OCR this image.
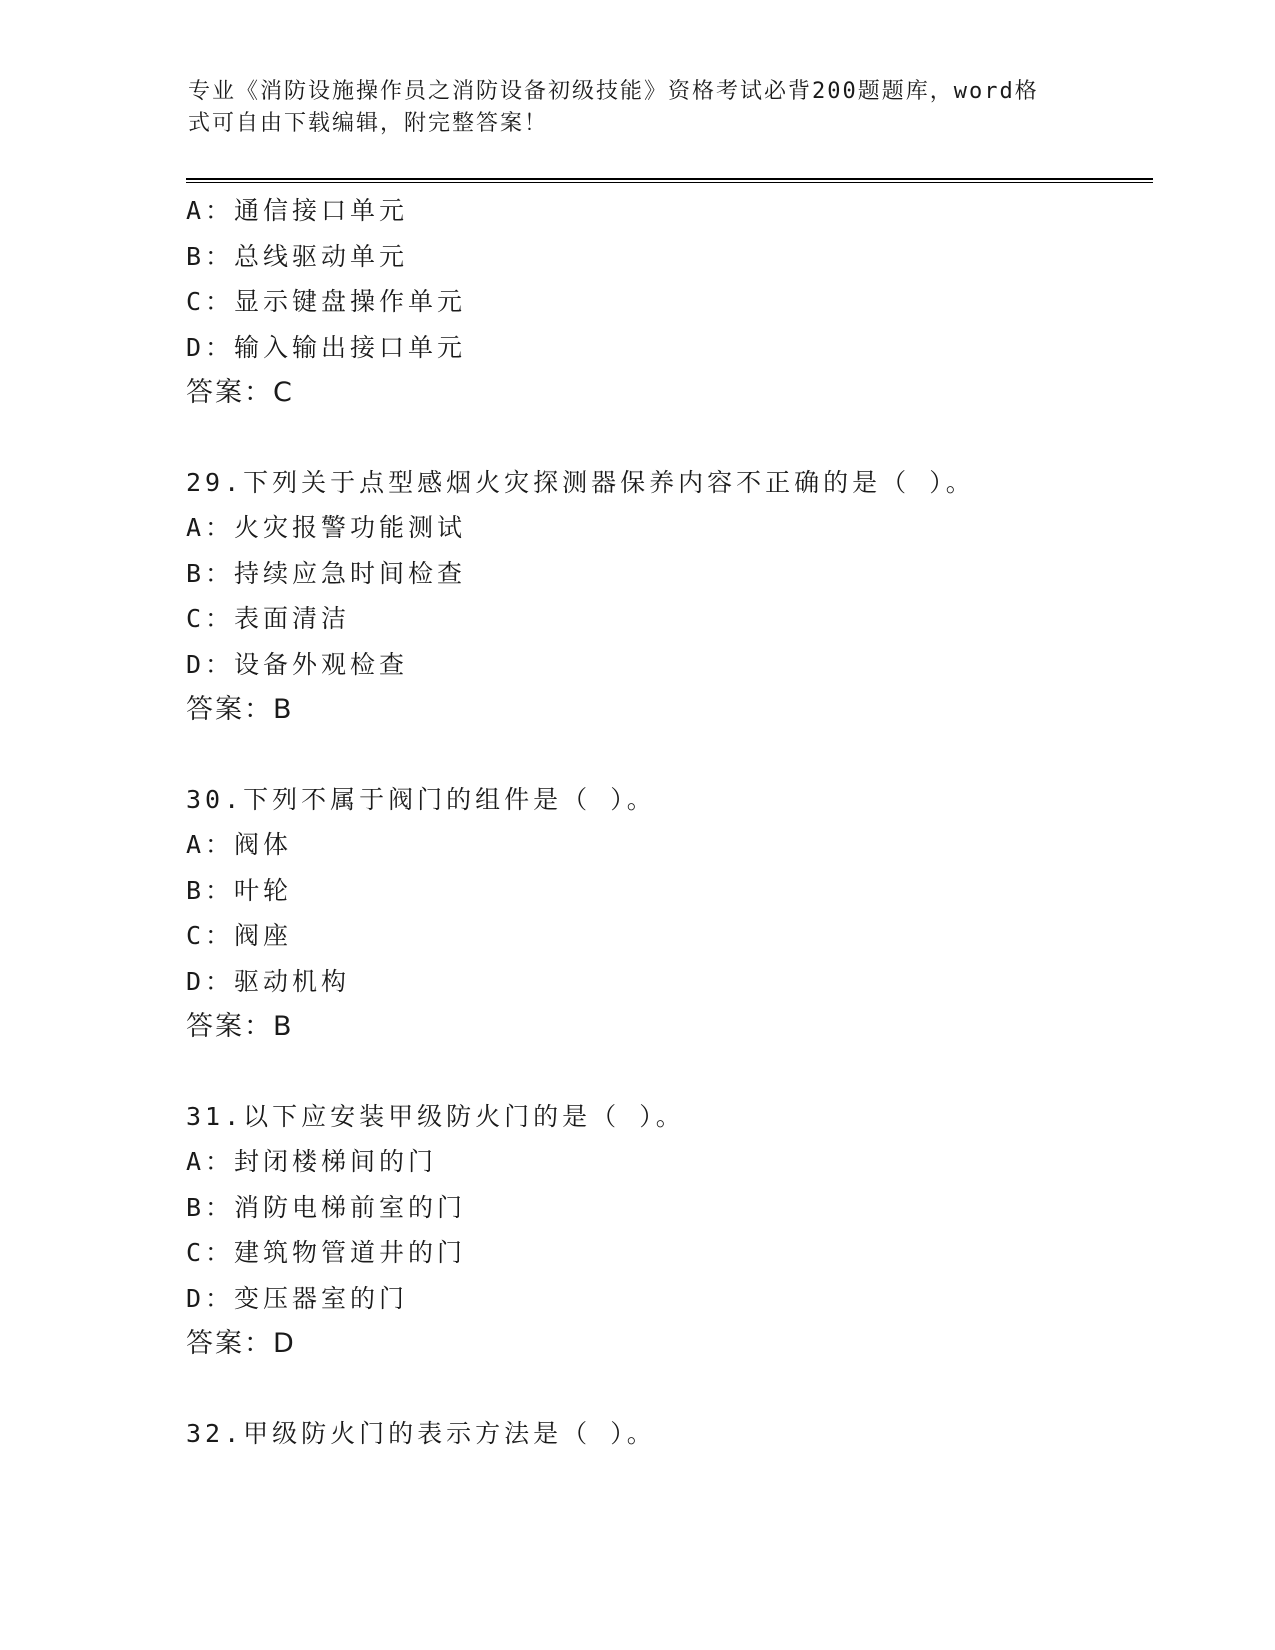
专业《消防设施操作员之消防设备初级技能》资格考试必背200题题库，word格
式可自由下载编辑，附完整答案！
A：通信接口单元
B：总线驱动单元
C：显示键盘操作单元
D：输入输出接口单元
答案：C
29.下列关于点型感烟火灾探测器保养内容不正确的是（ ）。
A：火灾报警功能测试
B：持续应急时间检查
C：表面清洁
D：设备外观检查
答案：B
30.下列不属于阀门的组件是（ ）。
A：阀体
B：叶轮
C：阀座
D：驱动机构
答案：B
31.以下应安装甲级防火门的是（ ）。
A：封闭楼梯间的门
B：消防电梯前室的门
C：建筑物管道井的门
D：变压器室的门
答案：D
32.甲级防火门的表示方法是（ ）。
